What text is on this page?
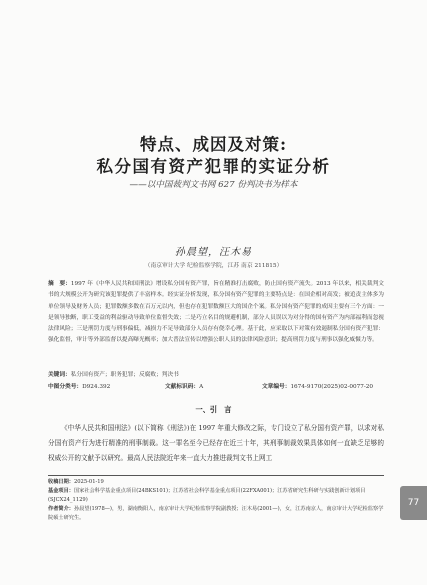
特点、成因及对策:
私分国有资产犯罪的实证分析
——以中国裁判文书网 627 份判决书为样本
孙晨望，汪木易
（南京审计大学 纪检监察学院，江苏 南京 211815）
摘　要：1997 年《中华人民共和国刑法》增设私分国有资产罪，旨在精准打击腐败，防止国有资产流失。2013 年以来，相关裁判文书的大规模公开为研究该犯罪提供了丰富样本。经实证分析发现，私分国有资产犯罪的主要特点是：在国企相对高发；被追责主体多为单位领导及财务人员；犯罪数额多数在百万元以内，但也存在犯罪数额巨大的国企个案。私分国有资产犯罪的成因主要有三个方面：一是领导独断，职工受益的利益驱动导致单位监督失效；二是巧立名目的规避机制，部分人员误以为对分得的国有资产为内部福利而忽视法律风险；三是刑罚力度与刑事偏低，减损力不足导致部分人员存有侥幸心理。基于此，应采取以下对策有效遏制私分国有资产犯罪：强化监督，审计等外部监督以提高曝光概率；加大普法宣传以增强公职人员的法律风险意识；提高刑罚力度与刑事以强化威慑力等。
关键词：私分国有资产；职务犯罪；反腐败；判决书
中图分类号：D924.392	文献标识码：A	文章编号：1674-9170(2025)02-0077-20
一、引　言
《中华人民共和国刑法》(以下简称《刑法》)在 1997 年重大修改之际，专门设立了私分国有资产罪，以求对私分国有资产行为进行精准的刑事制裁。这一罪名至今已经存在近三十年，其刑事制裁效果具体如何一直缺乏足够的权威公开的文献予以研究。最高人民法院近年来一直大力推进裁判文书上网工
收稿日期：2025-01-19
基金项目：国家社会科学基金重点项目(24BKS101)；江苏省社会科学基金重点项目(22FXA001)；江苏省研究生科研与实践创新计划项目(SJCX24_1129)
作者简介：孙晨望(1978—)，男，湖南衡阳人，南京审计大学纪检监察学院副教授；汪木易(2001—)，女，江苏南京人，南京审计大学纪检监察学院硕士研究生。
77
